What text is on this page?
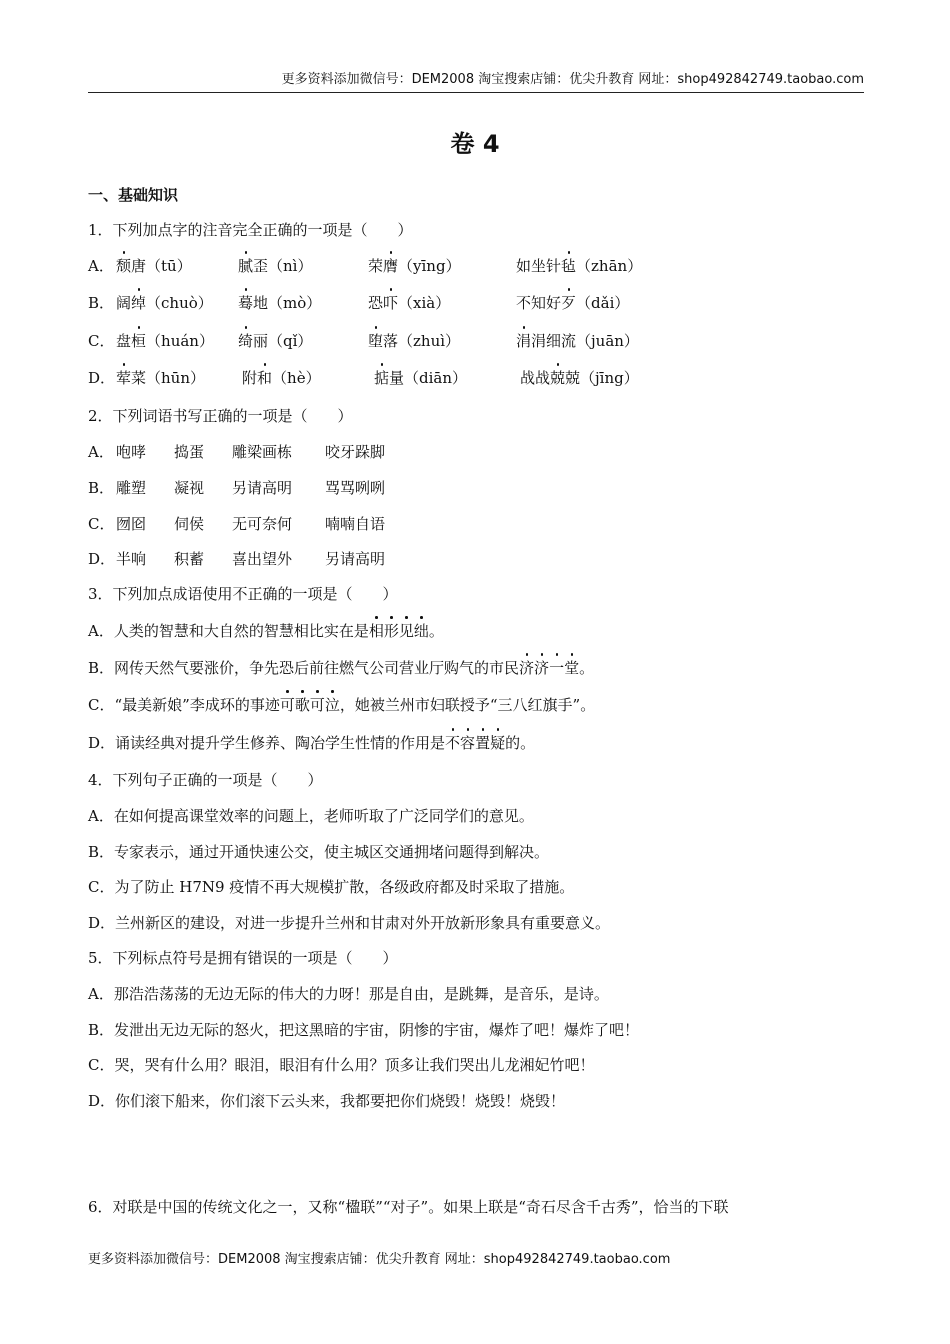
更多资料添加微信号：DEM2008 淘宝搜索店铺：优尖升教育 网址：shop492842749.taobao.com
卷 4
一、基础知识
1．下列加点字的注音完全正确的一项是（　　）
A． 颓唐（tū）	腻歪（nì）	荣膺（yīng）	如坐针毡（zhān）
B． 阔绰（chuò） 蓦地（mò）	恐吓（xià）	不知好歹（dǎi）
C． 盘桓（huán） 绮丽（qǐ）	堕落（zhuì）	涓涓细流（juān）
D． 荤菜（hūn） 附和（hè）	掂量（diān）	战战兢兢（jīng）
2．下列词语书写正确的一项是（　　）
A． 咆哮 捣蛋 雕梁画栋 咬牙跺脚
B． 雕塑 凝视 另请高明 骂骂咧咧
C． 囫囵 伺侯 无可奈何 喃喃自语
D． 半响 积蓄 喜出望外 另请高明
3．下列加点成语使用不正确的一项是（　　）
A．人类的智慧和大自然的智慧相比实在是相形见绌。
B．网传天然气要涨价，争先恐后前往燃气公司营业厅购气的市民济济一堂。
C．“最美新娘”李成环的事迹可歌可泣，她被兰州市妇联授予“三八红旗手”。
D．诵读经典对提升学生修养、陶冶学生性情的作用是不容置疑的。
4．下列句子正确的一项是（　　）
A．在如何提高课堂效率的问题上，老师听取了广泛同学们的意见。
B．专家表示，通过开通快速公交，使主城区交通拥堵问题得到解决。
C．为了防止 H7N9 疫情不再大规模扩散，各级政府都及时采取了措施。
D．兰州新区的建设，对进一步提升兰州和甘肃对外开放新形象具有重要意义。
5．下列标点符号是拥有错误的一项是（　　）
A．那浩浩荡荡的无边无际的伟大的力呀！那是自由，是跳舞，是音乐，是诗。
B．发泄出无边无际的怒火，把这黑暗的宇宙，阴惨的宇宙，爆炸了吧！爆炸了吧！
C．哭，哭有什么用？眼泪，眼泪有什么用？顶多让我们哭出儿龙湘妃竹吧！
D．你们滚下船来，你们滚下云头来，我都要把你们烧毁！烧毁！烧毁！
6．对联是中国的传统文化之一，又称“楹联”“对子”。如果上联是“奇石尽含千古秀”，恰当的下联
更多资料添加微信号：DEM2008 淘宝搜索店铺：优尖升教育 网址：shop492842749.taobao.com
